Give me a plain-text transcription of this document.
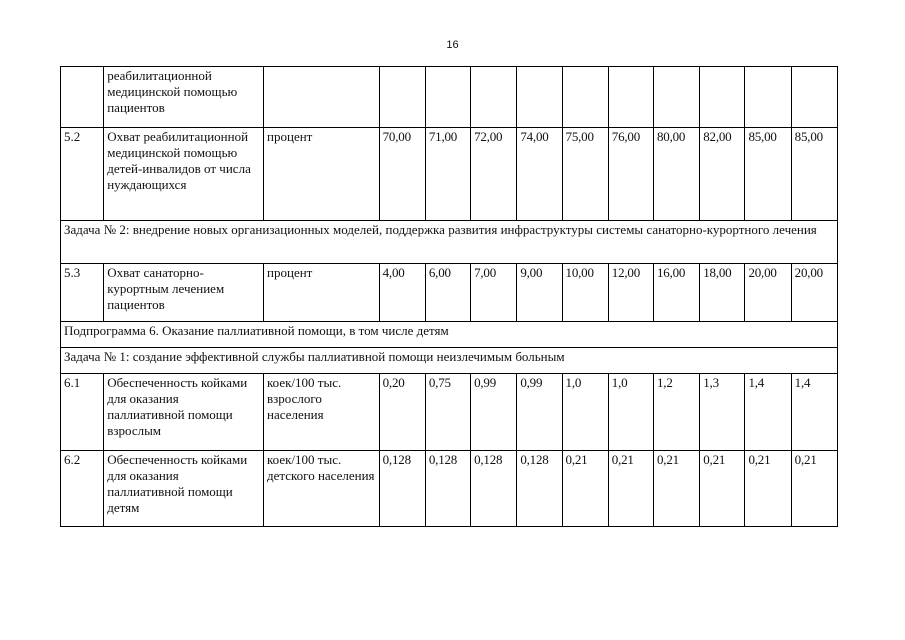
16
	реабилитационной медицинской помощью пациентов											
5.2	Охват реабилитационной медицинской помощью детей-инвалидов от числа нуждающихся	процент	70,00	71,00	72,00	74,00	75,00	76,00	80,00	82,00	85,00	85,00
Задача № 2: внедрение новых организационных моделей, поддержка развития инфраструктуры системы санаторно-курортного лечения												
5.3	Охват санаторно-курортным лечением пациентов	процент	4,00	6,00	7,00	9,00	10,00	12,00	16,00	18,00	20,00	20,00
Подпрограмма 6. Оказание паллиативной помощи, в том числе детям												
Задача № 1: создание эффективной службы паллиативной помощи неизлечимым больным												
6.1	Обеспеченность койками для оказания паллиативной помощи взрослым	коек/100 тыс. взрослого населения	0,20	0,75	0,99	0,99	1,0	1,0	1,2	1,3	1,4	1,4
6.2	Обеспеченность койками для оказания паллиативной помощи детям	коек/100 тыс. детского населения	0,128	0,128	0,128	0,128	0,21	0,21	0,21	0,21	0,21	0,21
